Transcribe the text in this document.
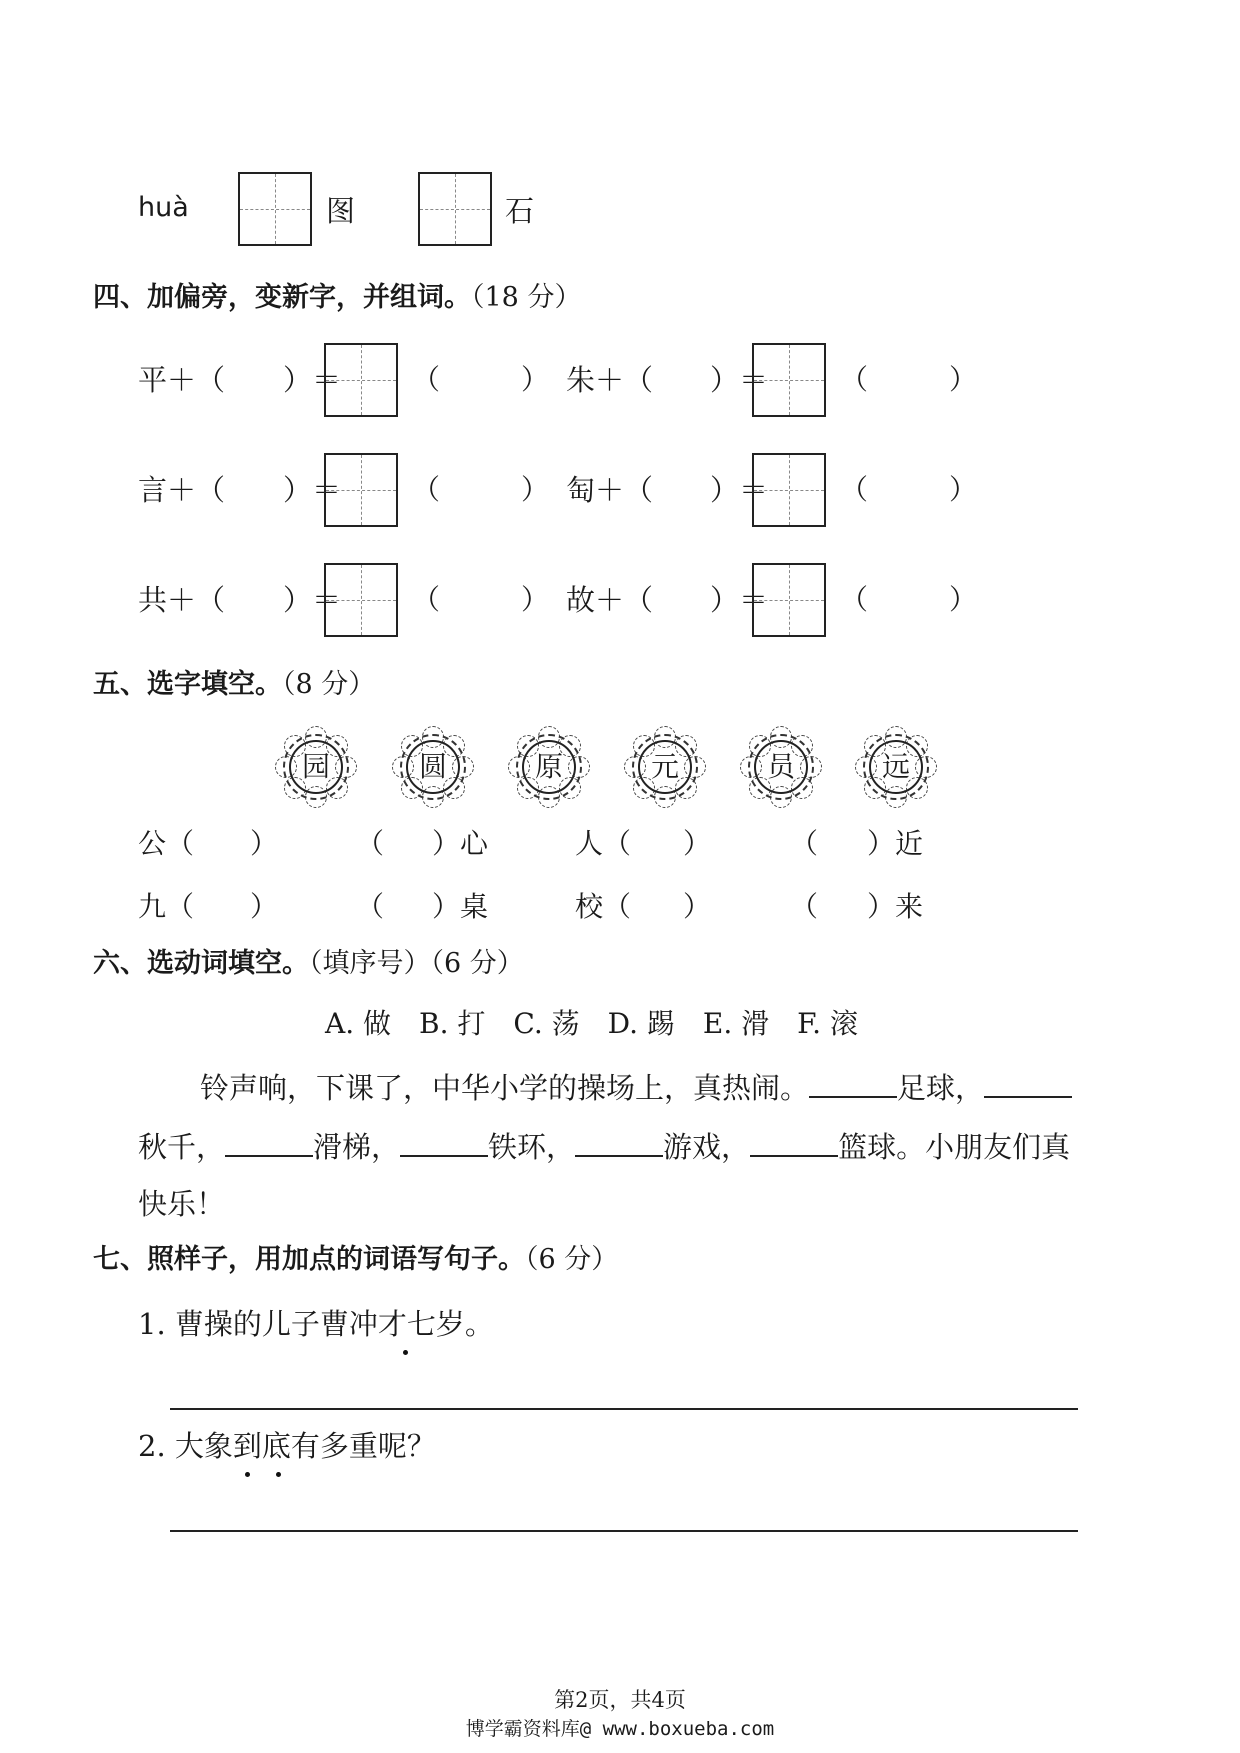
huà	图	石
四、加偏旁，变新字，并组词。（18 分）
平＋（ ）＝	（	） 朱＋（ ）＝	（	）
言＋（ ）＝	（	） 匋＋（ ）＝	（	）
共＋（ ）＝	（	） 故＋（ ）＝	（	）
五、选字填空。（8 分）
园	圆	原	元	员	远
公（ ）	（ ）心	人（ ）	（ ）近
九（ ）	（ ）桌	校（ ）	（ ）来
六、选动词填空。（填序号）（6 分）
A. 做　B. 打　C. 荡　D. 踢　E. 滑　F. 滚
铃声响，下课了，中华小学的操场上，真热闹。	足球，
秋千，	滑梯，	铁环，	游戏，	篮球。小朋友们真
快乐！
七、照样子，用加点的词语写句子。（6 分）
1. 曹操的儿子曹冲才七岁。
2. 大象到底有多重呢？
第2页，共4页
博学霸资料库@ www.boxueba.com
